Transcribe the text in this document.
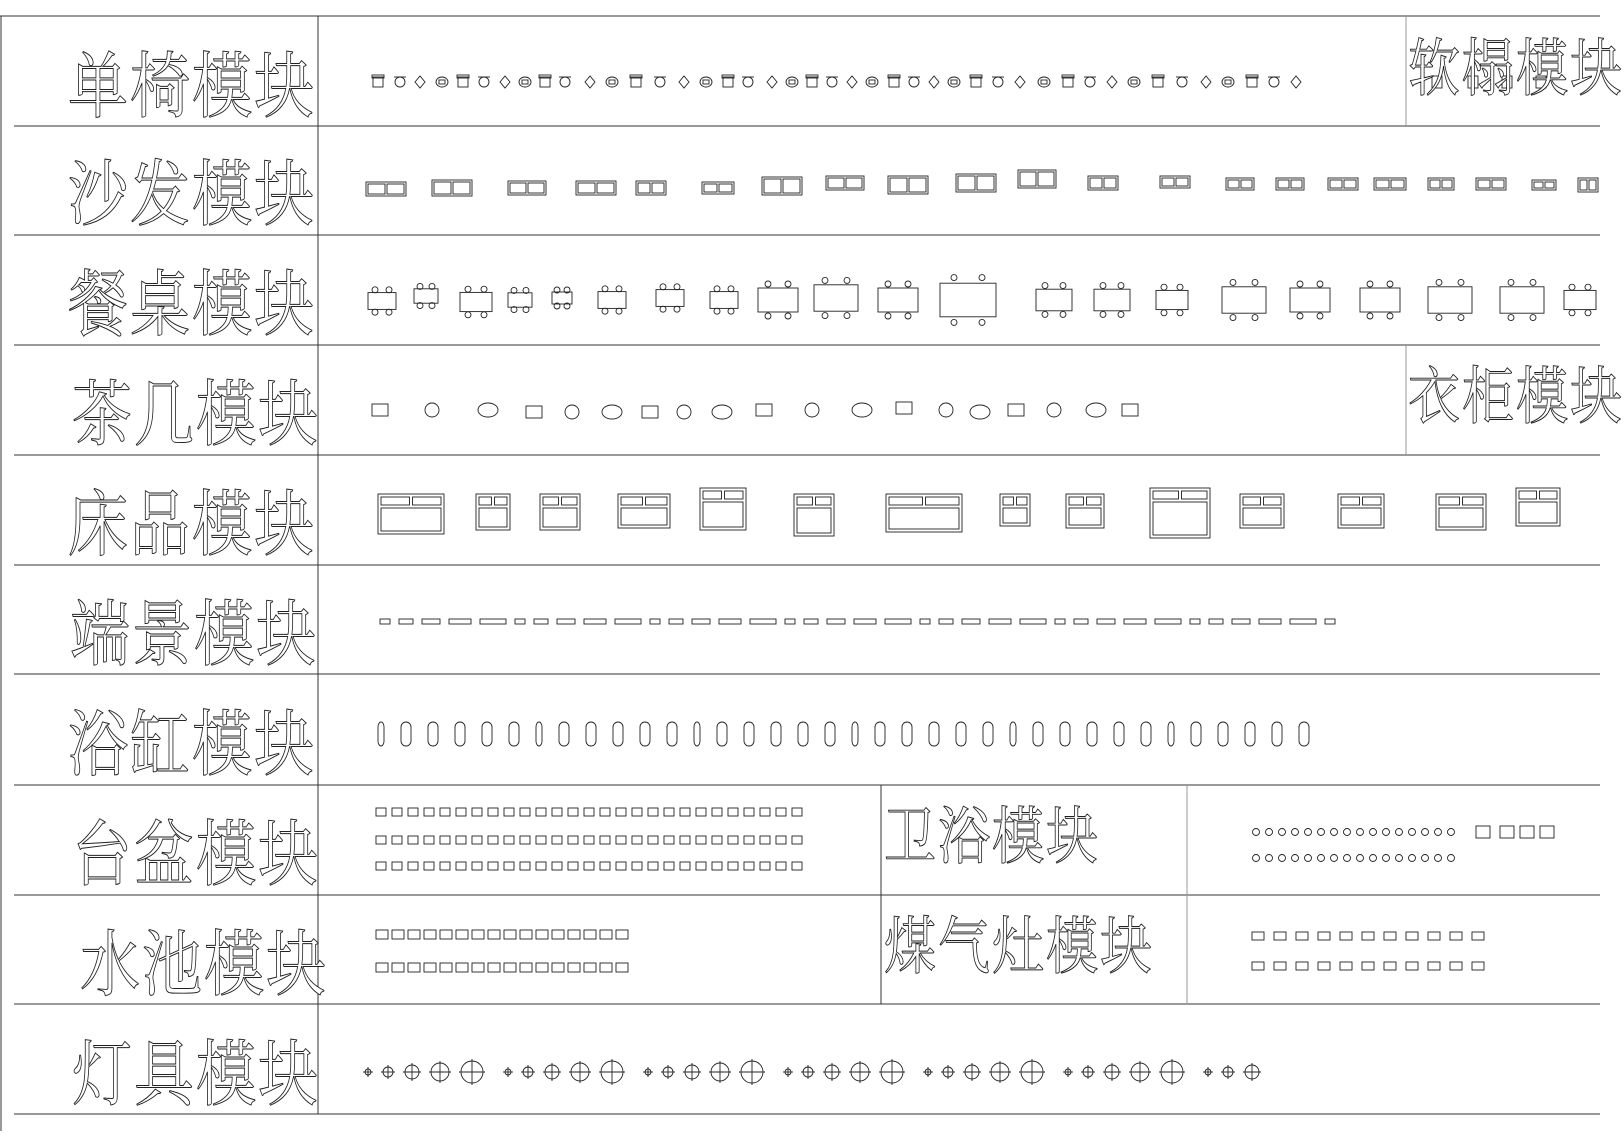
单椅模块
沙发模块
餐桌模块
茶几模块
床品模块
端景模块
浴缸模块
台盆模块
水池模块
灯具模块
软榻模块
衣柜模块
卫浴模块
煤气灶模块
